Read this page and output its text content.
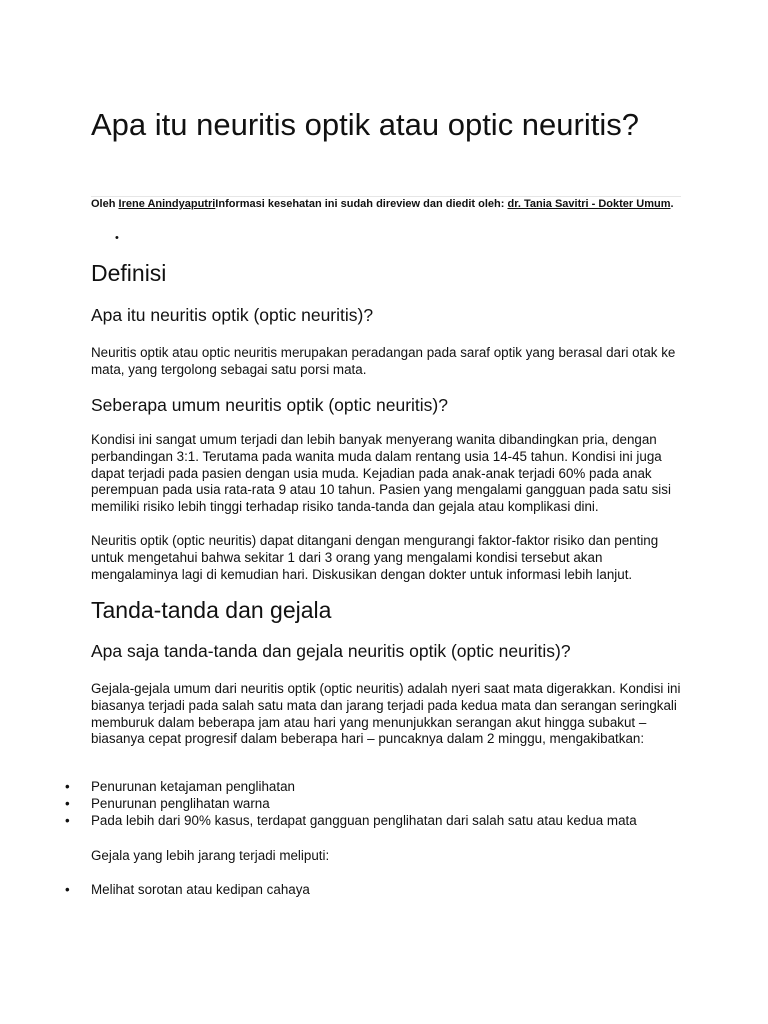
Apa itu neuritis optik atau optic neuritis?
Oleh Irene AnindyaputriInformasi kesehatan ini sudah direview dan diedit oleh: dr. Tania Savitri - Dokter Umum.
•
Definisi
Apa itu neuritis optik (optic neuritis)?

Neuritis optik atau optic neuritis merupakan peradangan pada saraf optik yang berasal dari otak ke mata, yang tergolong sebagai satu porsi mata.

Seberapa umum neuritis optik (optic neuritis)?

Kondisi ini sangat umum terjadi dan lebih banyak menyerang wanita dibandingkan pria, dengan perbandingan 3:1. Terutama pada wanita muda dalam rentang usia 14-45 tahun. Kondisi ini juga dapat terjadi pada pasien dengan usia muda. Kejadian pada anak-anak terjadi 60% pada anak perempuan pada usia rata-rata 9 atau 10 tahun. Pasien yang mengalami gangguan pada satu sisi memiliki risiko lebih tinggi terhadap risiko tanda-tanda dan gejala atau komplikasi dini.

Neuritis optik (optic neuritis) dapat ditangani dengan mengurangi faktor-faktor risiko dan penting untuk mengetahui bahwa sekitar 1 dari 3 orang yang mengalami kondisi tersebut akan mengalaminya lagi di kemudian hari. Diskusikan dengan dokter untuk informasi lebih lanjut.

Tanda-tanda dan gejala
Apa saja tanda-tanda dan gejala neuritis optik (optic neuritis)?

Gejala-gejala umum dari neuritis optik (optic neuritis) adalah nyeri saat mata digerakkan. Kondisi ini biasanya terjadi pada salah satu mata dan jarang terjadi pada kedua mata dan serangan seringkali memburuk dalam beberapa jam atau hari yang menunjukkan serangan akut hingga subakut – biasanya cepat progresif dalam beberapa hari – puncaknya dalam 2 minggu, mengakibatkan:

• Penurunan ketajaman penglihatan
• Penurunan penglihatan warna
• Pada lebih dari 90% kasus, terdapat gangguan penglihatan dari salah satu atau kedua mata

Gejala yang lebih jarang terjadi meliputi:

• Melihat sorotan atau kedipan cahaya
